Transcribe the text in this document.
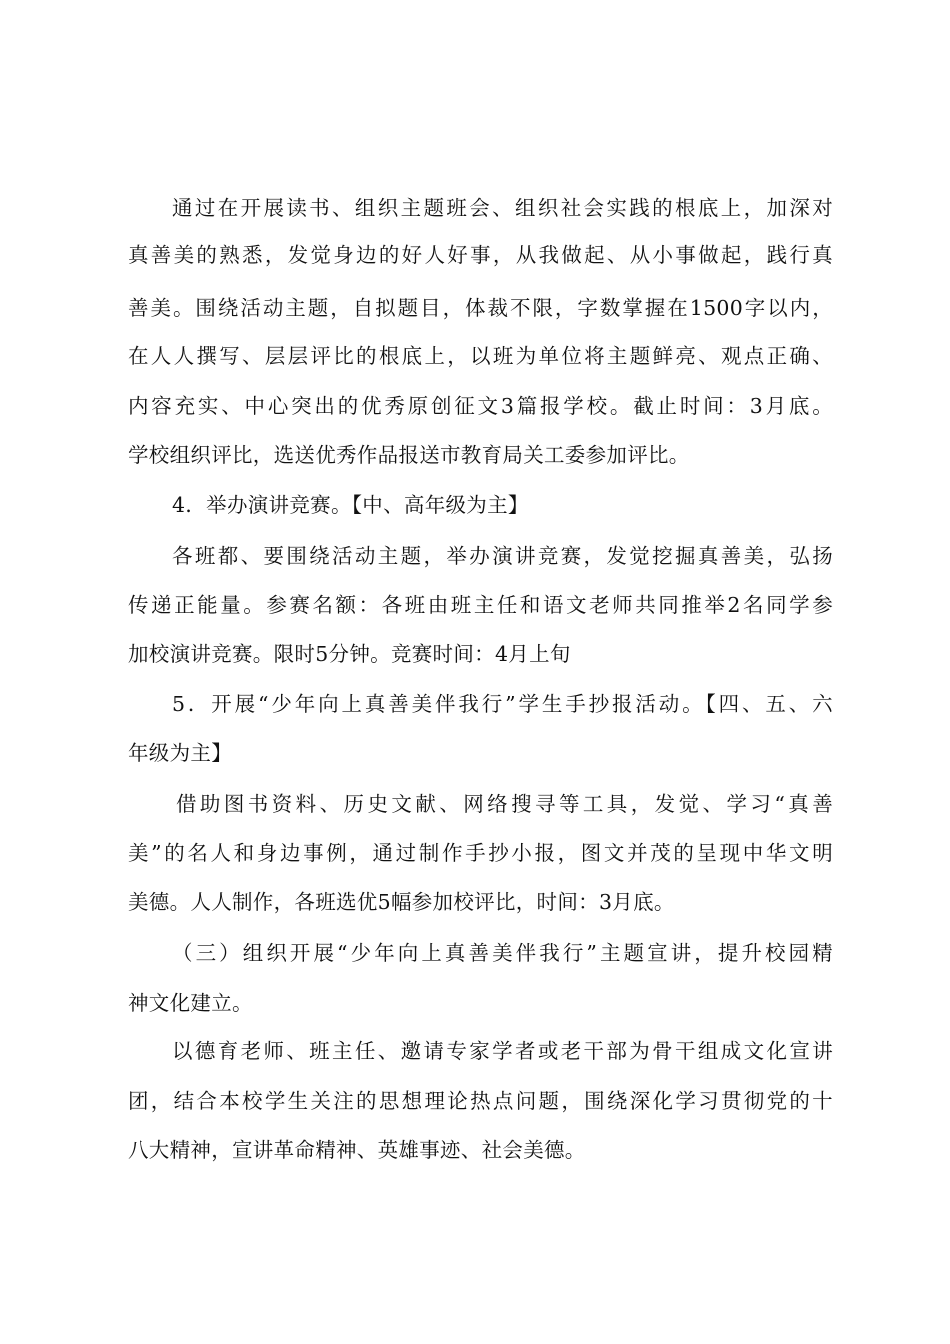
通过在开展读书、组织主题班会、组织社会实践的根底上，加深对
真善美的熟悉，发觉身边的好人好事，从我做起、从小事做起，践行真
善美。围绕活动主题，自拟题目，体裁不限，字数掌握在1500字以内，
在人人撰写、层层评比的根底上，以班为单位将主题鲜亮、观点正确、
内容充实、中心突出的优秀原创征文3篇报学校。截止时间：3月底。
学校组织评比，选送优秀作品报送市教育局关工委参加评比。
4．举办演讲竞赛。【中、高年级为主】
各班都、要围绕活动主题，举办演讲竞赛，发觉挖掘真善美，弘扬
传递正能量。参赛名额：各班由班主任和语文老师共同推举2名同学参
加校演讲竞赛。限时5分钟。竞赛时间：4月上旬
5．开展“少年向上真善美伴我行”学生手抄报活动。【四、五、六
年级为主】
借助图书资料、历史文献、网络搜寻等工具，发觉、学习“真善
美”的名人和身边事例，通过制作手抄小报，图文并茂的呈现中华文明
美德。人人制作，各班选优5幅参加校评比，时间：3月底。
（三）组织开展“少年向上真善美伴我行”主题宣讲，提升校园精
神文化建立。
以德育老师、班主任、邀请专家学者或老干部为骨干组成文化宣讲
团，结合本校学生关注的思想理论热点问题，围绕深化学习贯彻党的十
八大精神，宣讲革命精神、英雄事迹、社会美德。
